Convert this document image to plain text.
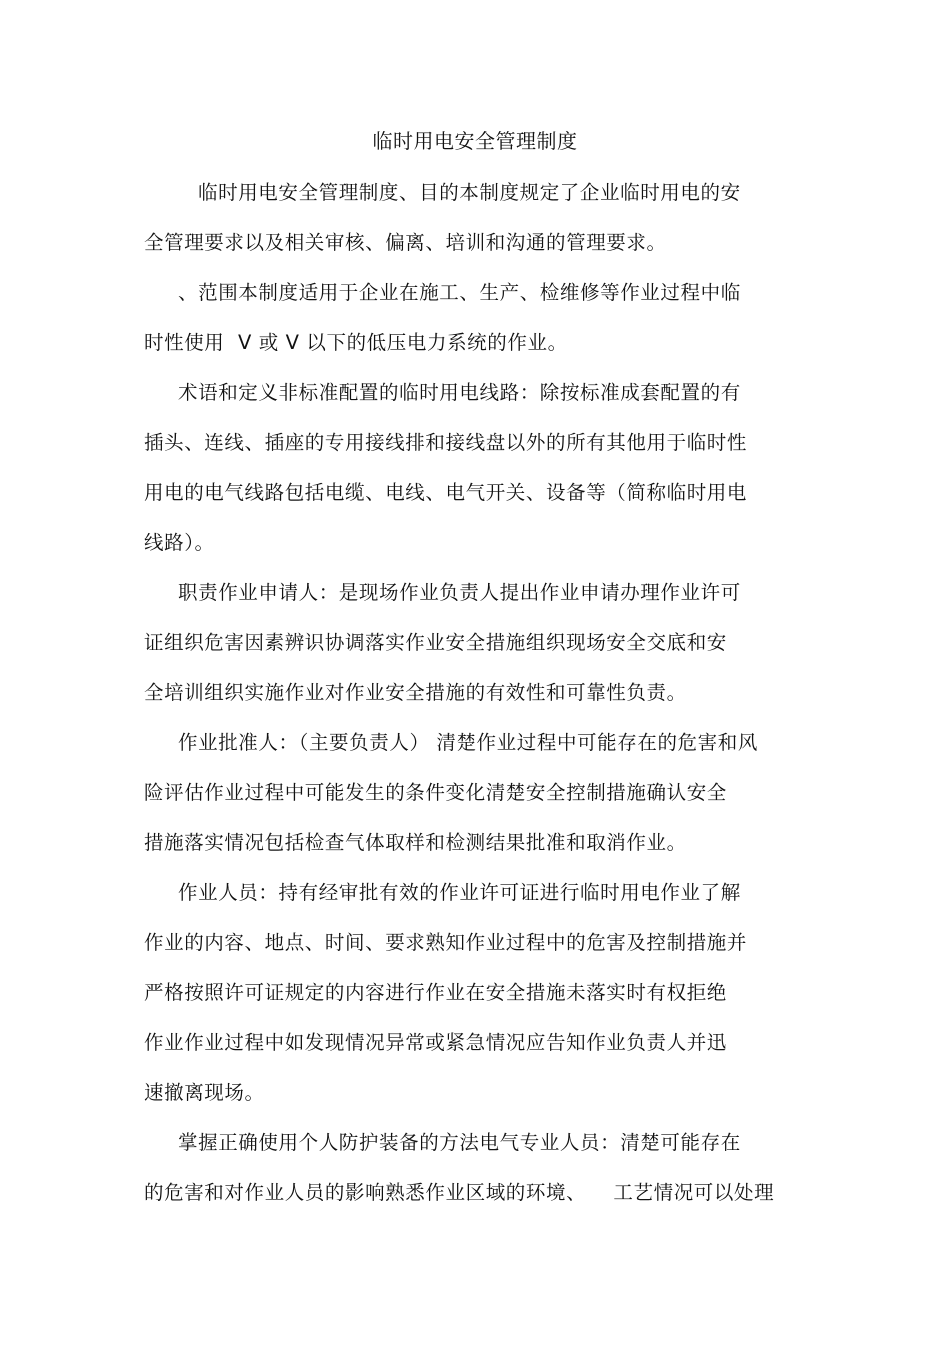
临时用电安全管理制度
临时用电安全管理制度、目的本制度规定了企业临时用电的安
全管理要求以及相关审核、偏离、培训和沟通的管理要求。
、范围本制度适用于企业在施工、生产、检维修等作业过程中临
时性使用  V 或 V 以下的低压电力系统的作业。
术语和定义非标准配置的临时用电线路：除按标准成套配置的有
插头、连线、插座的专用接线排和接线盘以外的所有其他用于临时性
用电的电气线路包括电缆、电线、电气开关、设备等（简称临时用电
线路）。
职责作业申请人：是现场作业负责人提出作业申请办理作业许可
证组织危害因素辨识协调落实作业安全措施组织现场安全交底和安
全培训组织实施作业对作业安全措施的有效性和可靠性负责。
作业批准人：（主要负责人） 清楚作业过程中可能存在的危害和风
险评估作业过程中可能发生的条件变化清楚安全控制措施确认安全
措施落实情况包括检查气体取样和检测结果批准和取消作业。
作业人员：持有经审批有效的作业许可证进行临时用电作业了解
作业的内容、地点、时间、要求熟知作业过程中的危害及控制措施并
严格按照许可证规定的内容进行作业在安全措施未落实时有权拒绝
作业作业过程中如发现情况异常或紧急情况应告知作业负责人并迅
速撤离现场。
掌握正确使用个人防护装备的方法电气专业人员：清楚可能存在
的危害和对作业人员的影响熟悉作业区域的环境、    工艺情况可以处理
